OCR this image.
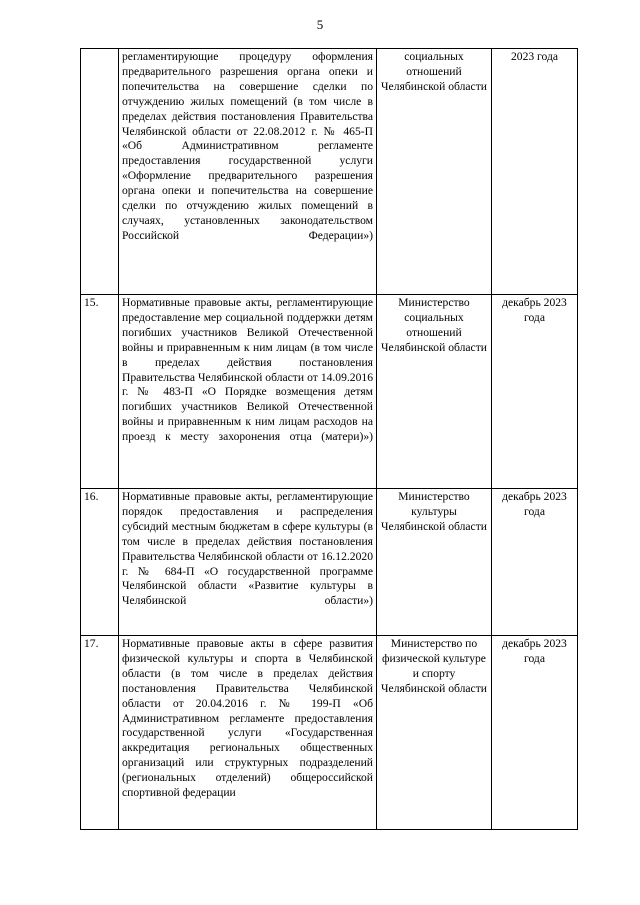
5

	регламентирующие процедуру оформления предварительного разрешения органа опеки и попечительства на совершение сделки по отчуждению жилых помещений (в том числе в пределах действия постановления Правительства Челябинской области от 22.08.2012 г. № 465-П «Об Административном регламенте предоставления государственной услуги «Оформление предварительного разрешения органа опеки и попечительства на совершение сделки по отчуждению жилых помещений в случаях, установленных законодательством Российской Федерации»)	социальных отношений Челябинской области	2023 года

15.	Нормативные правовые акты, регламентирующие предоставление мер социальной поддержки детям погибших участников Великой Отечественной войны и приравненным к ним лицам (в том числе в пределах действия постановления Правительства Челябинской области от 14.09.2016 г. № 483-П «О Порядке возмещения детям погибших участников Великой Отечественной войны и приравненным к ним лицам расходов на проезд к месту захоронения отца (матери)»)	Министерство социальных отношений Челябинской области	декабрь 2023 года

16.	Нормативные правовые акты, регламентирующие порядок предоставления и распределения субсидий местным бюджетам в сфере культуры (в том числе в пределах действия постановления Правительства Челябинской области от 16.12.2020 г. № 684-П «О государственной программе Челябинской области «Развитие культуры в Челябинской области»)	Министерство культуры Челябинской области	декабрь 2023 года

17.	Нормативные правовые акты в сфере развития физической культуры и спорта в Челябинской области (в том числе в пределах действия постановления Правительства Челябинской области от 20.04.2016 г. № 199-П «Об Административном регламенте предоставления государственной услуги «Государственная аккредитация региональных общественных организаций или структурных подразделений (региональных отделений) общероссийской спортивной федерации	Министерство по физической культуре и спорту Челябинской области	декабрь 2023 года
